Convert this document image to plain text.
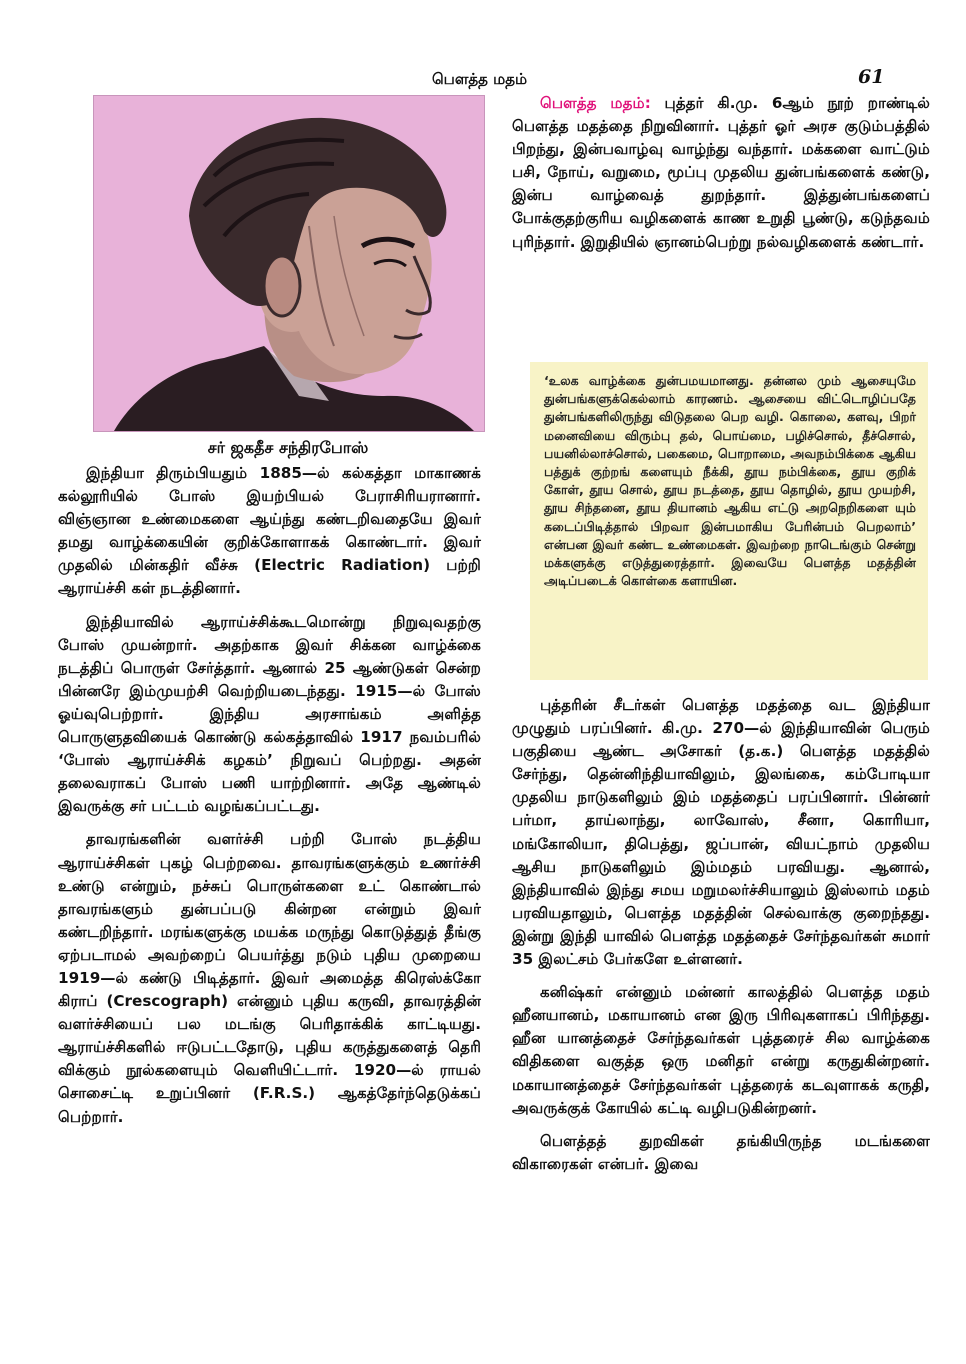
பௌத்த மதம்	61
சர் ஜகதீச சந்திரபோஸ்

இந்தியா திரும்பியதும் 1885—ல் கல்கத்தா மாகாணக் கல்லூரியில் போஸ் இயற்பியல் பேராசிரியரானார். விஞ்ஞான உண்மைகளை ஆய்ந்து கண்டறிவதையே இவர் தமது வாழ்க்கையின் குறிக்கோளாகக் கொண்டார். இவர் முதலில் மின்கதிர் வீச்சு (Electric Radiation) பற்றி ஆராய்ச்சி கள் நடத்தினார்.

இந்தியாவில் ஆராய்ச்சிக்கூடமொன்று நிறுவுவதற்கு போஸ் முயன்றார். அதற்காக இவர் சிக்கன வாழ்க்கை நடத்திப் பொருள் சேர்த்தார். ஆனால் 25 ஆண்டுகள் சென்ற பின்னரே இம்முயற்சி வெற்றியடைந்தது. 1915—ல் போஸ் ஓய்வுபெற்றார். இந்திய அரசாங்கம் அளித்த பொருளுதவியைக் கொண்டு கல்கத்தாவில் 1917 நவம்பரில் ‘போஸ் ஆராய்ச்சிக் கழகம்’ நிறுவப் பெற்றது. அதன் தலைவராகப் போஸ் பணி யாற்றினார். அதே ஆண்டில் இவருக்கு சர் பட்டம் வழங்கப்பட்டது.

தாவரங்களின் வளர்ச்சி பற்றி போஸ் நடத்திய ஆராய்ச்சிகள் புகழ் பெற்றவை. தாவரங்களுக்கும் உணர்ச்சி உண்டு என்றும், நச்சுப் பொருள்களை உட் கொண்டால் தாவரங்களும் துன்பப்படு கின்றன என்றும் இவர் கண்டறிந்தார். மரங்களுக்கு மயக்க மருந்து கொடுத்துத் தீங்கு ஏற்படாமல் அவற்றைப் பெயர்த்து நடும் புதிய முறையை 1919—ல் கண்டு பிடித்தார். இவர் அமைத்த கிரெஸ்க்கோ கிராப் (Crescograph) என்னும் புதிய கருவி, தாவரத்தின் வளர்ச்சியைப் பல மடங்கு பெரிதாக்கிக் காட்டியது. ஆராய்ச்சிகளில் ஈடுபட்டதோடு, புதிய கருத்துகளைத் தெரி விக்கும் நூல்களையும் வெளியிட்டார். 1920—ல் ராயல் சொசைட்டி உறுப்பினர் (F.R.S.) ஆகத்தேர்ந்தெடுக்கப் பெற்றார்.

பௌத்த மதம்: புத்தர் கி.மு. 6ஆம் நூற் றாண்டில் பௌத்த மதத்தை நிறுவினார். புத்தர் ஓர் அரச குடும்பத்தில் பிறந்து, இன்பவாழ்வு வாழ்ந்து வந்தார். மக்களை வாட்டும் பசி, நோய், வறுமை, மூப்பு முதலிய துன்பங்களைக் கண்டு, இன்ப வாழ்வைத் துறந்தார். இத்துன்பங்களைப் போக்குதற்குரிய வழிகளைக் காண உறுதி பூண்டு, கடுந்தவம் புரிந்தார். இறுதியில் ஞானம்பெற்று நல்வழிகளைக் கண்டார்.

‘உலக வாழ்க்கை துன்பமயமானது. தன்னல மும் ஆசையுமே துன்பங்களுக்கெல்லாம் காரணம். ஆசையை விட்டொழிப்பதே துன்பங்களிலிருந்து விடுதலை பெற வழி. கொலை, களவு, பிறர் மனைவியை விரும்பு தல், பொய்மை, பழிச்சொல், தீச்சொல், பயனில்லாச்சொல், பகைமை, பொறாமை, அவநம்பிக்கை ஆகிய பத்துக் குற்றங் களையும் நீக்கி, தூய நம்பிக்கை, தூய குறிக் கோள், தூய சொல், தூய நடத்தை, தூய தொழில், தூய முயற்சி, தூய சிந்தனை, தூய தியானம் ஆகிய எட்டு அறநெறிகளை யும் கடைப்பிடித்தால் பிறவா இன்பமாகிய பேரின்பம் பெறலாம்’ என்பன இவர் கண்ட உண்மைகள். இவற்றை நாடெங்கும் சென்று மக்களுக்கு எடுத்துரைத்தார். இவையே பௌத்த மதத்தின் அடிப்படைக் கொள்கை களாயின.

புத்தரின் சீடர்கள் பௌத்த மதத்தை வட இந்தியா முழுதும் பரப்பினர். கி.மு. 270—ல் இந்தியாவின் பெரும் பகுதியை ஆண்ட அசோகர் (த.க.) பௌத்த மதத்தில் சேர்ந்து, தென்னிந்தியாவிலும், இலங்கை, கம்போடியா முதலிய நாடுகளிலும் இம் மதத்தைப் பரப்பினார். பின்னர் பர்மா, தாய்லாந்து, லாவோஸ், சீனா, கொரியா, மங்கோலியா, திபெத்து, ஜப்பான், வியட்நாம் முதலிய ஆசிய நாடுகளிலும் இம்மதம் பரவியது. ஆனால், இந்தியாவில் இந்து சமய மறுமலர்ச்சியாலும் இஸ்லாம் மதம் பரவியதாலும், பௌத்த மதத்தின் செல்வாக்கு குறைந்தது. இன்று இந்தி யாவில் பௌத்த மதத்தைச் சேர்ந்தவர்கள் சுமார் 35 இலட்சம் பேர்களே உள்ளனர்.

கனிஷ்கர் என்னும் மன்னர் காலத்தில் பௌத்த மதம் ஹீனயானம், மகாயானம் என இரு பிரிவுகளாகப் பிரிந்தது. ஹீன யானத்தைச் சேர்ந்தவர்கள் புத்தரைச் சில வாழ்க்கை விதிகளை வகுத்த ஒரு மனிதர் என்று கருதுகின்றனர். மகாயானத்தைச் சேர்ந்தவர்கள் புத்தரைக் கடவுளாகக் கருதி, அவருக்குக் கோயில் கட்டி வழிபடுகின்றனர்.

பௌத்தத் துறவிகள் தங்கியிருந்த மடங்களை விகாரைகள் என்பர். இவை
